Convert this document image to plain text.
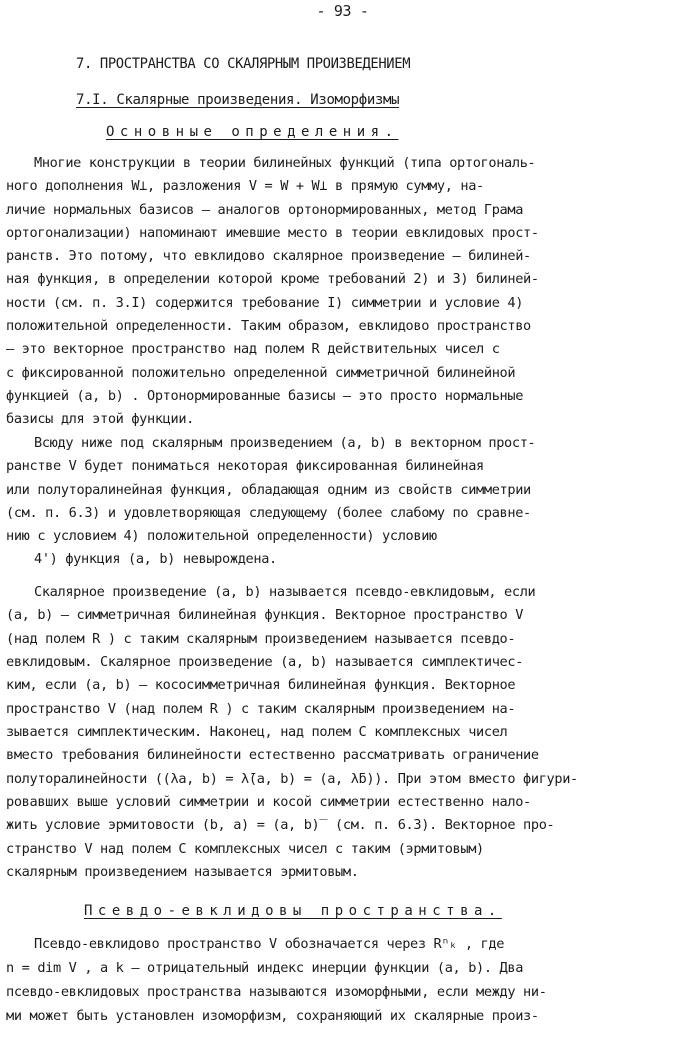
- 93 -
7. ПРОСТРАНСТВА СО СКАЛЯРНЫМ ПРОИЗВЕДЕНИЕМ
7.I. Скалярные произведения. Изоморфизмы
Основные определения.
Многие конструкции в теории билинейных функций (типа ортогональ-
ного дополнения W⊥, разложения V = W + W⊥ в прямую сумму, на-
личие нормальных базисов – аналогов ортонормированных, метод Грама
ортогонализации) напоминают имевшие место в теории евклидовых прост-
ранств. Это потому, что евклидово скалярное произведение – билиней-
ная функция, в определении которой кроме требований 2) и 3) билиней-
ности (см. п. 3.I) содержится требование I) симметрии и условие 4)
положительной определенности. Таким образом, евклидово пространство
– это векторное пространство над полем R действительных чисел с
с фиксированной положительно определенной симметричной билинейной
функцией (a, b) . Ортонормированные базисы – это просто нормальные
базисы для этой функции.
Всюду ниже под скалярным произведением (a, b) в векторном прост-
ранстве V будет пониматься некоторая фиксированная билинейная
или полуторалинейная функция, обладающая одним из свойств симметрии
(см. п. 6.3) и удовлетворяющая следующему (более слабому по сравне-
нию с условием 4) положительной определенности) условию
4') функция (a, b) невырождена.
Скалярное произведение (a, b) называется псевдо-евклидовым, если
(a, b) – симметричная билинейная функция. Векторное пространство V
(над полем R ) с таким скалярным произведением называется псевдо-
евклидовым. Скалярное произведение (a, b) называется симплектичес-
ким, если (a, b) – кососимметричная билинейная функция. Векторное
пространство V (над полем R ) с таким скалярным произведением на-
зывается симплектическим. Наконец, над полем C комплексных чисел
вместо требования билинейности естественно рассматривать ограничение
полуторалинейности ((λa, b) = λ̄(a, b) = (a, λ̄b)). При этом вместо фигури-
ровавших выше условий симметрии и косой симметрии естественно нало-
жить условие эрмитовости (b, a) = (a, b)‾ (см. п. 6.3). Векторное про-
странство V над полем C комплексных чисел с таким (эрмитовым)
скалярным произведением называется эрмитовым.
Псевдо-евклидовы пространства.
Псевдо-евклидово пространство V обозначается через Rⁿₖ , где
n = dim V , а k – отрицательный индекс инерции функции (a, b). Два
псевдо-евклидовых пространства называются изоморфными, если между ни-
ми может быть установлен изоморфизм, сохраняющий их скалярные произ-
